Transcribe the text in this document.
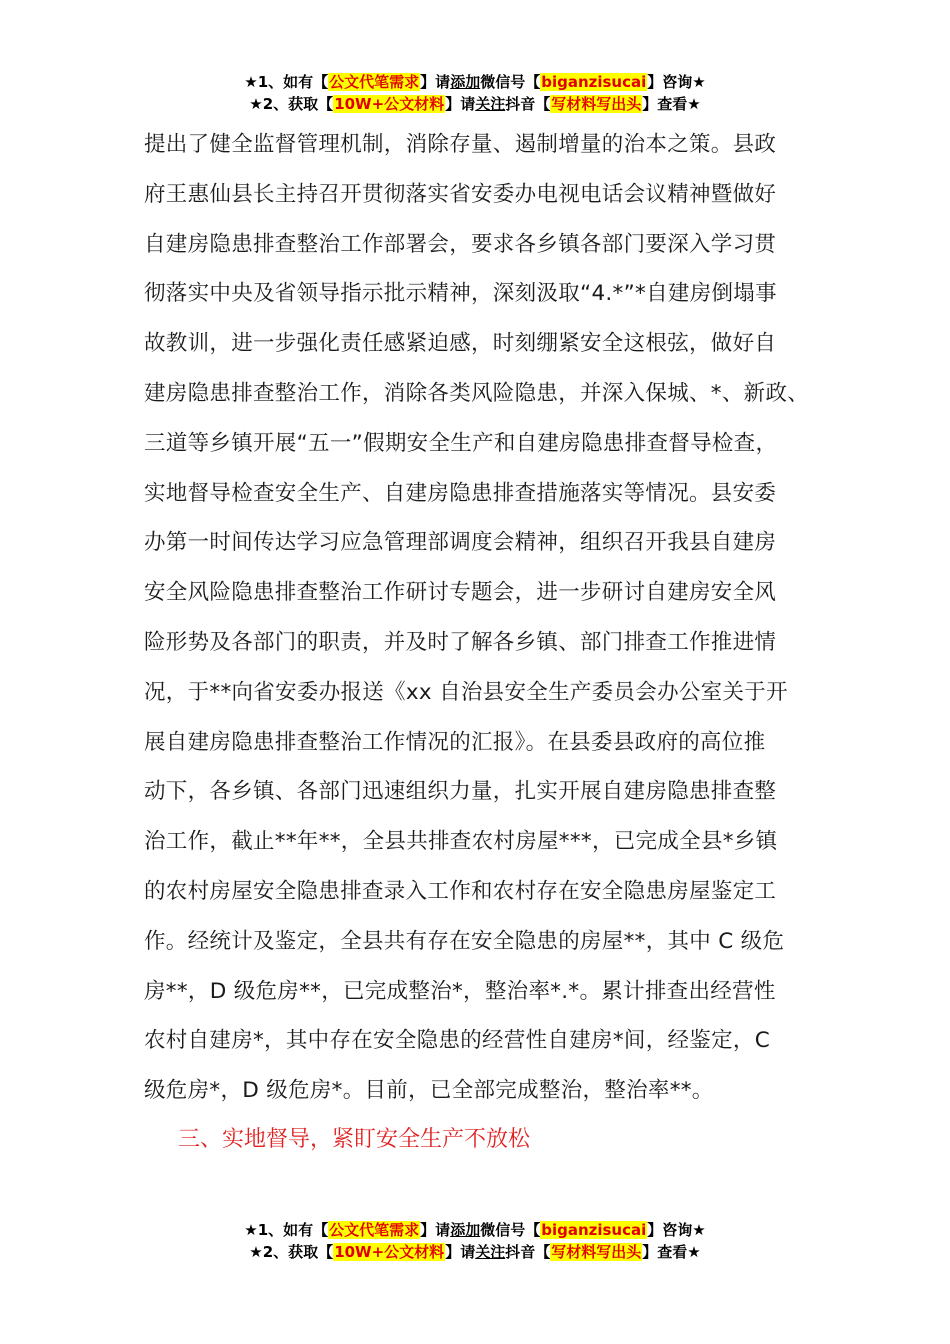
★1、如有【公文代笔需求】请添加微信号【biganzisucai】咨询★
★2、获取【10W+公文材料】请关注抖音【写材料写出头】查看★
提出了健全监督管理机制，消除存量、遏制增量的治本之策。县政
府王惠仙县长主持召开贯彻落实省安委办电视电话会议精神暨做好
自建房隐患排查整治工作部署会，要求各乡镇各部门要深入学习贯
彻落实中央及省领导指示批示精神，深刻汲取“4.*”*自建房倒塌事
故教训，进一步强化责任感紧迫感，时刻绷紧安全这根弦，做好自
建房隐患排查整治工作，消除各类风险隐患，并深入保城、*、新政、
三道等乡镇开展“五一”假期安全生产和自建房隐患排查督导检查，
实地督导检查安全生产、自建房隐患排查措施落实等情况。县安委
办第一时间传达学习应急管理部调度会精神，组织召开我县自建房
安全风险隐患排查整治工作研讨专题会，进一步研讨自建房安全风
险形势及各部门的职责，并及时了解各乡镇、部门排查工作推进情
况，于**向省安委办报送《xx 自治县安全生产委员会办公室关于开
展自建房隐患排查整治工作情况的汇报》。在县委县政府的高位推
动下，各乡镇、各部门迅速组织力量，扎实开展自建房隐患排查整
治工作，截止**年**，全县共排查农村房屋***，已完成全县*乡镇
的农村房屋安全隐患排查录入工作和农村存在安全隐患房屋鉴定工
作。经统计及鉴定，全县共有存在安全隐患的房屋**，其中 C 级危
房**，D 级危房**，已完成整治*，整治率*.*。累计排查出经营性
农村自建房*，其中存在安全隐患的经营性自建房*间，经鉴定，C
级危房*，D 级危房*。目前，已全部完成整治，整治率**。
三、实地督导，紧盯安全生产不放松
★1、如有【公文代笔需求】请添加微信号【biganzisucai】咨询★
★2、获取【10W+公文材料】请关注抖音【写材料写出头】查看★
